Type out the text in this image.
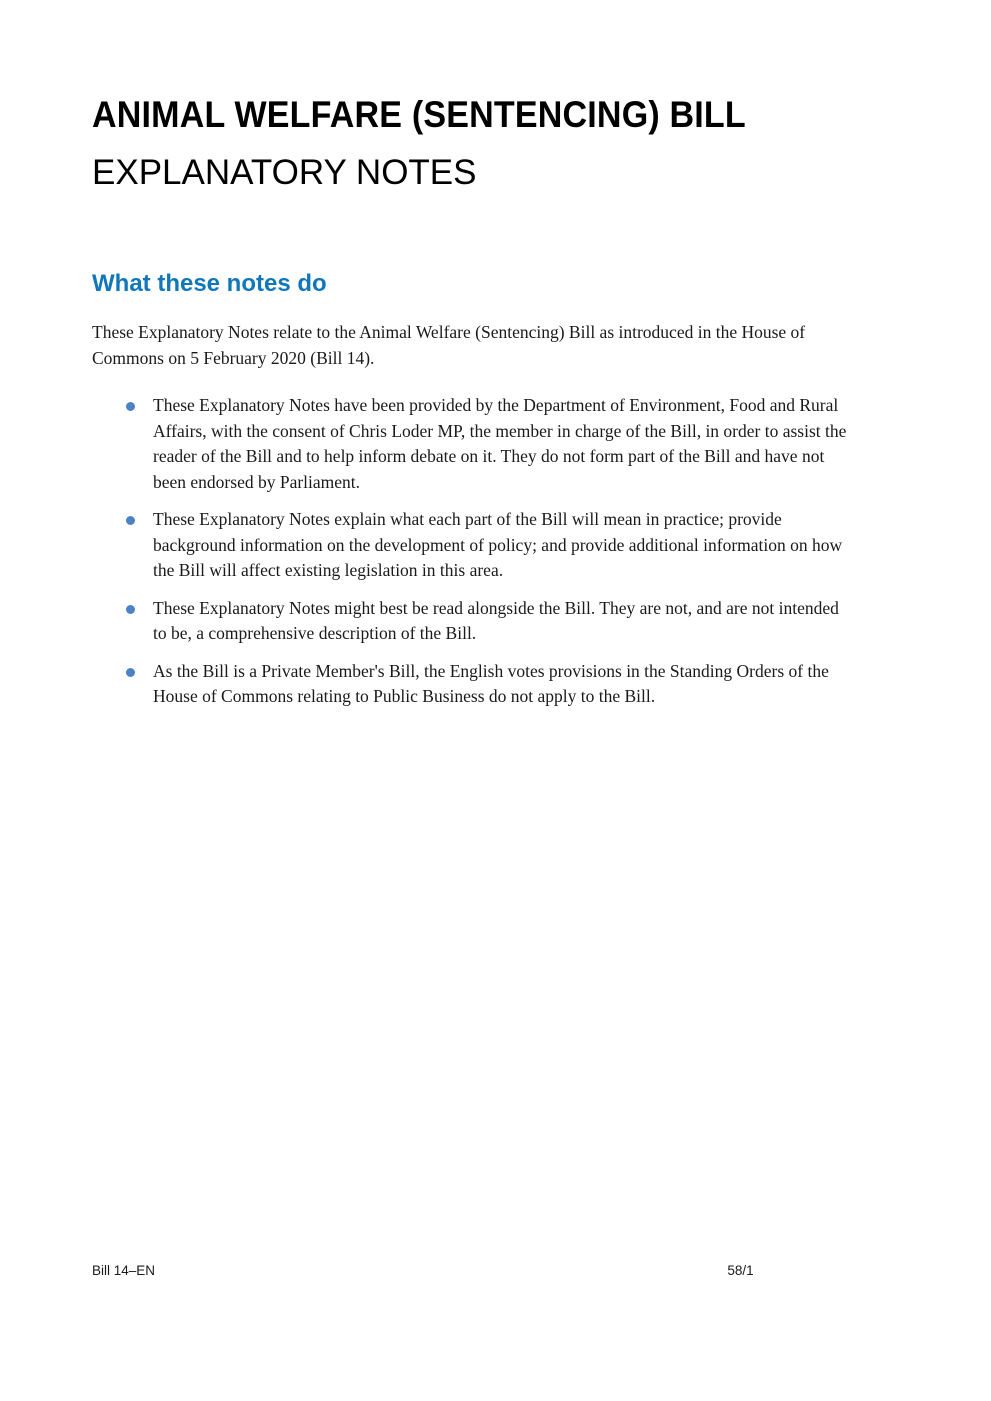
ANIMAL WELFARE (SENTENCING) BILL
EXPLANATORY NOTES
What these notes do

These Explanatory Notes relate to the Animal Welfare (Sentencing) Bill as introduced in the House of Commons on 5 February 2020 (Bill 14).

These Explanatory Notes have been provided by the Department of Environment, Food and Rural Affairs, with the consent of Chris Loder MP, the member in charge of the Bill, in order to assist the reader of the Bill and to help inform debate on it. They do not form part of the Bill and have not been endorsed by Parliament.
These Explanatory Notes explain what each part of the Bill will mean in practice; provide background information on the development of policy; and provide additional information on how the Bill will affect existing legislation in this area.
These Explanatory Notes might best be read alongside the Bill. They are not, and are not intended to be, a comprehensive description of the Bill.
As the Bill is a Private Member's Bill, the English votes provisions in the Standing Orders of the House of Commons relating to Public Business do not apply to the Bill.
Bill 14–EN	58/1
